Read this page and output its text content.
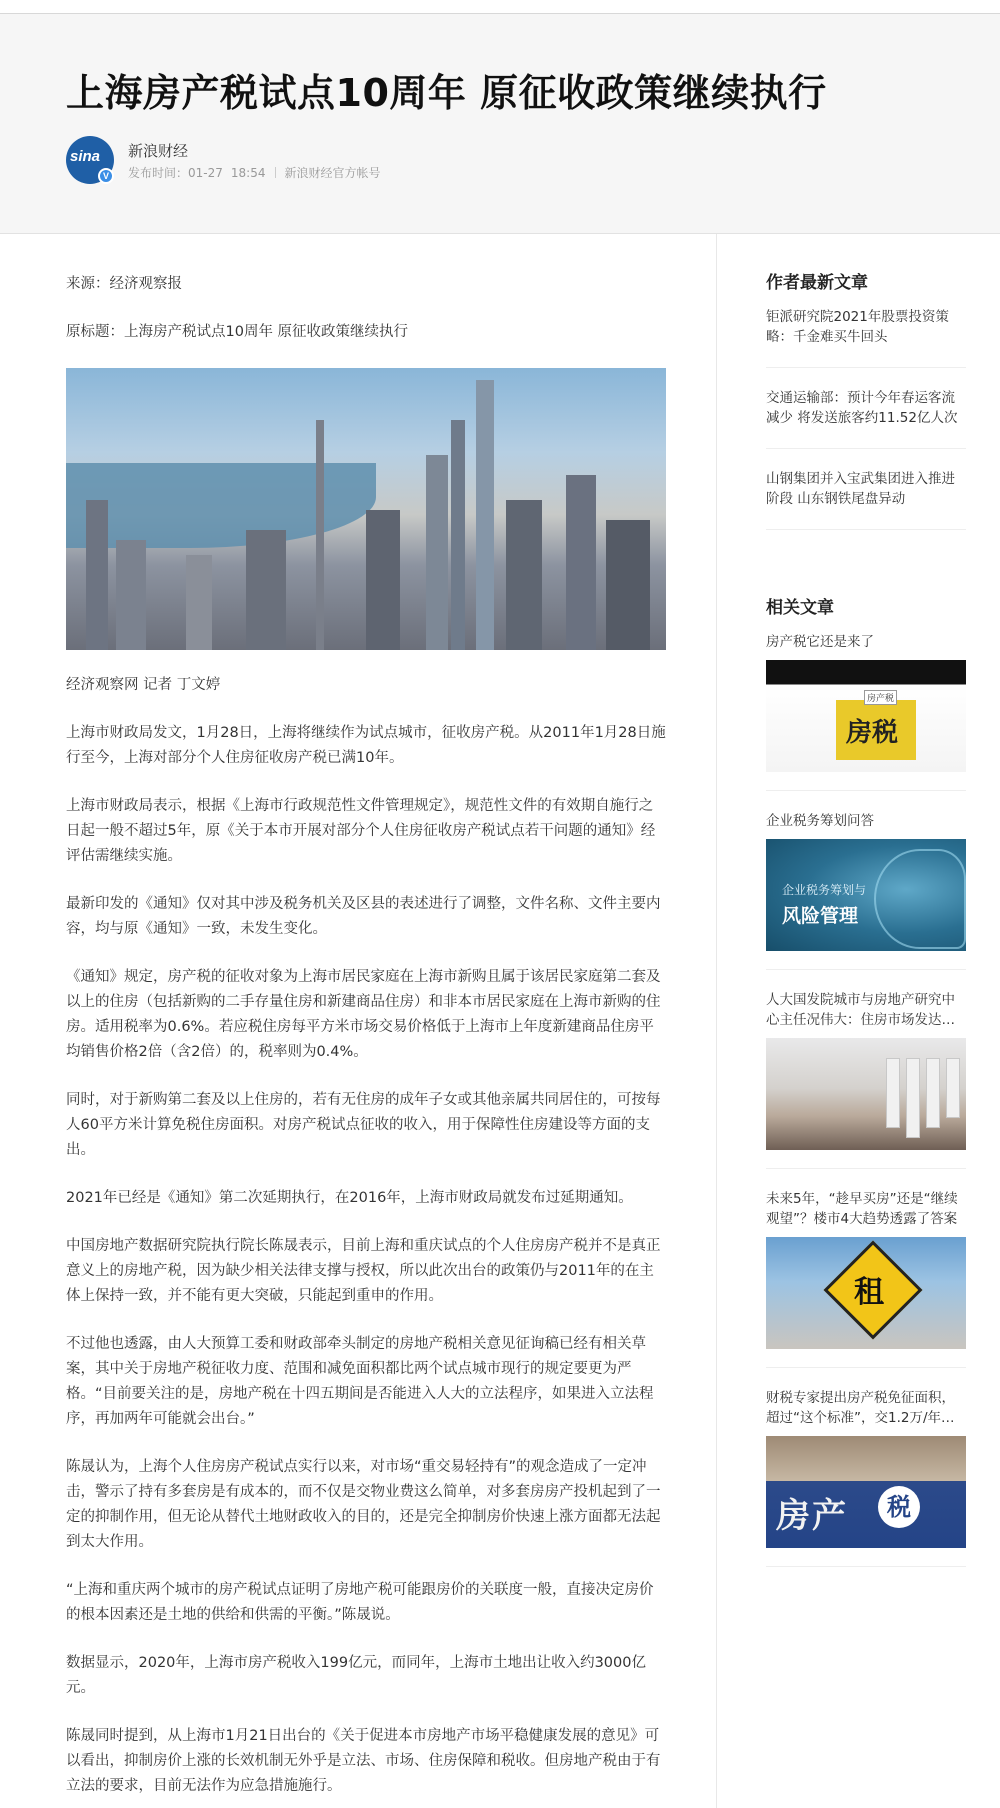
上海房产税试点10周年 原征收政策继续执行
sina
V
新浪财经
发布时间：01-27 18:54 新浪财经官方帐号

来源：经济观察报

原标题：上海房产税试点10周年 原征收政策继续执行

经济观察网 记者 丁文婷

上海市财政局发文，1月28日，上海将继续作为试点城市，征收房产税。从2011年1月28日施行至今，上海对部分个人住房征收房产税已满10年。

上海市财政局表示，根据《上海市行政规范性文件管理规定》，规范性文件的有效期自施行之日起一般不超过5年，原《关于本市开展对部分个人住房征收房产税试点若干问题的通知》经评估需继续实施。

最新印发的《通知》仅对其中涉及税务机关及区县的表述进行了调整，文件名称、文件主要内容，均与原《通知》一致，未发生变化。

《通知》规定，房产税的征收对象为上海市居民家庭在上海市新购且属于该居民家庭第二套及以上的住房（包括新购的二手存量住房和新建商品住房）和非本市居民家庭在上海市新购的住房。适用税率为0.6%。若应税住房每平方米市场交易价格低于上海市上年度新建商品住房平均销售价格2倍（含2倍）的，税率则为0.4%。

同时，对于新购第二套及以上住房的，若有无住房的成年子女或其他亲属共同居住的，可按每人60平方米计算免税住房面积。对房产税试点征收的收入，用于保障性住房建设等方面的支出。

2021年已经是《通知》第二次延期执行，在2016年，上海市财政局就发布过延期通知。

中国房地产数据研究院执行院长陈晟表示，目前上海和重庆试点的个人住房房产税并不是真正意义上的房地产税，因为缺少相关法律支撑与授权，所以此次出台的政策仍与2011年的在主体上保持一致，并不能有更大突破，只能起到重申的作用。

不过他也透露，由人大预算工委和财政部牵头制定的房地产税相关意见征询稿已经有相关草案，其中关于房地产税征收力度、范围和减免面积都比两个试点城市现行的规定要更为严格。“目前要关注的是，房地产税在十四五期间是否能进入人大的立法程序，如果进入立法程序，再加两年可能就会出台。”

陈晟认为，上海个人住房房产税试点实行以来，对市场“重交易轻持有”的观念造成了一定冲击，警示了持有多套房是有成本的，而不仅是交物业费这么简单，对多套房房产投机起到了一定的抑制作用，但无论从替代土地财政收入的目的，还是完全抑制房价快速上涨方面都无法起到太大作用。

“上海和重庆两个城市的房产税试点证明了房地产税可能跟房价的关联度一般，直接决定房价的根本因素还是土地的供给和供需的平衡。”陈晟说。

数据显示，2020年，上海市房产税收入199亿元，而同年，上海市土地出让收入约3000亿元。

陈晟同时提到，从上海市1月21日出台的《关于促进本市房地产市场平稳健康发展的意见》可以看出，抑制房价上涨的长效机制无外乎是立法、市场、住房保障和税收。但房地产税由于有立法的要求，目前无法作为应急措施施行。

作者最新文章
钜派研究院2021年股票投资策略：千金难买牛回头
交通运输部：预计今年春运客流减少 将发送旅客约11.52亿人次
山钢集团并入宝武集团进入推进阶段 山东钢铁尾盘异动
相关文章
房产税它还是来了
房产税
房税
企业税务筹划问答
企业税务筹划与
风险管理
人大国发院城市与房地产研究中心主任况伟大：住房市场发达…
未来5年，“趁早买房”还是“继续观望”？楼市4大趋势透露了答案
租
财税专家提出房产税免征面积，超过“这个标准”，交1.2万/年…
房产	税
